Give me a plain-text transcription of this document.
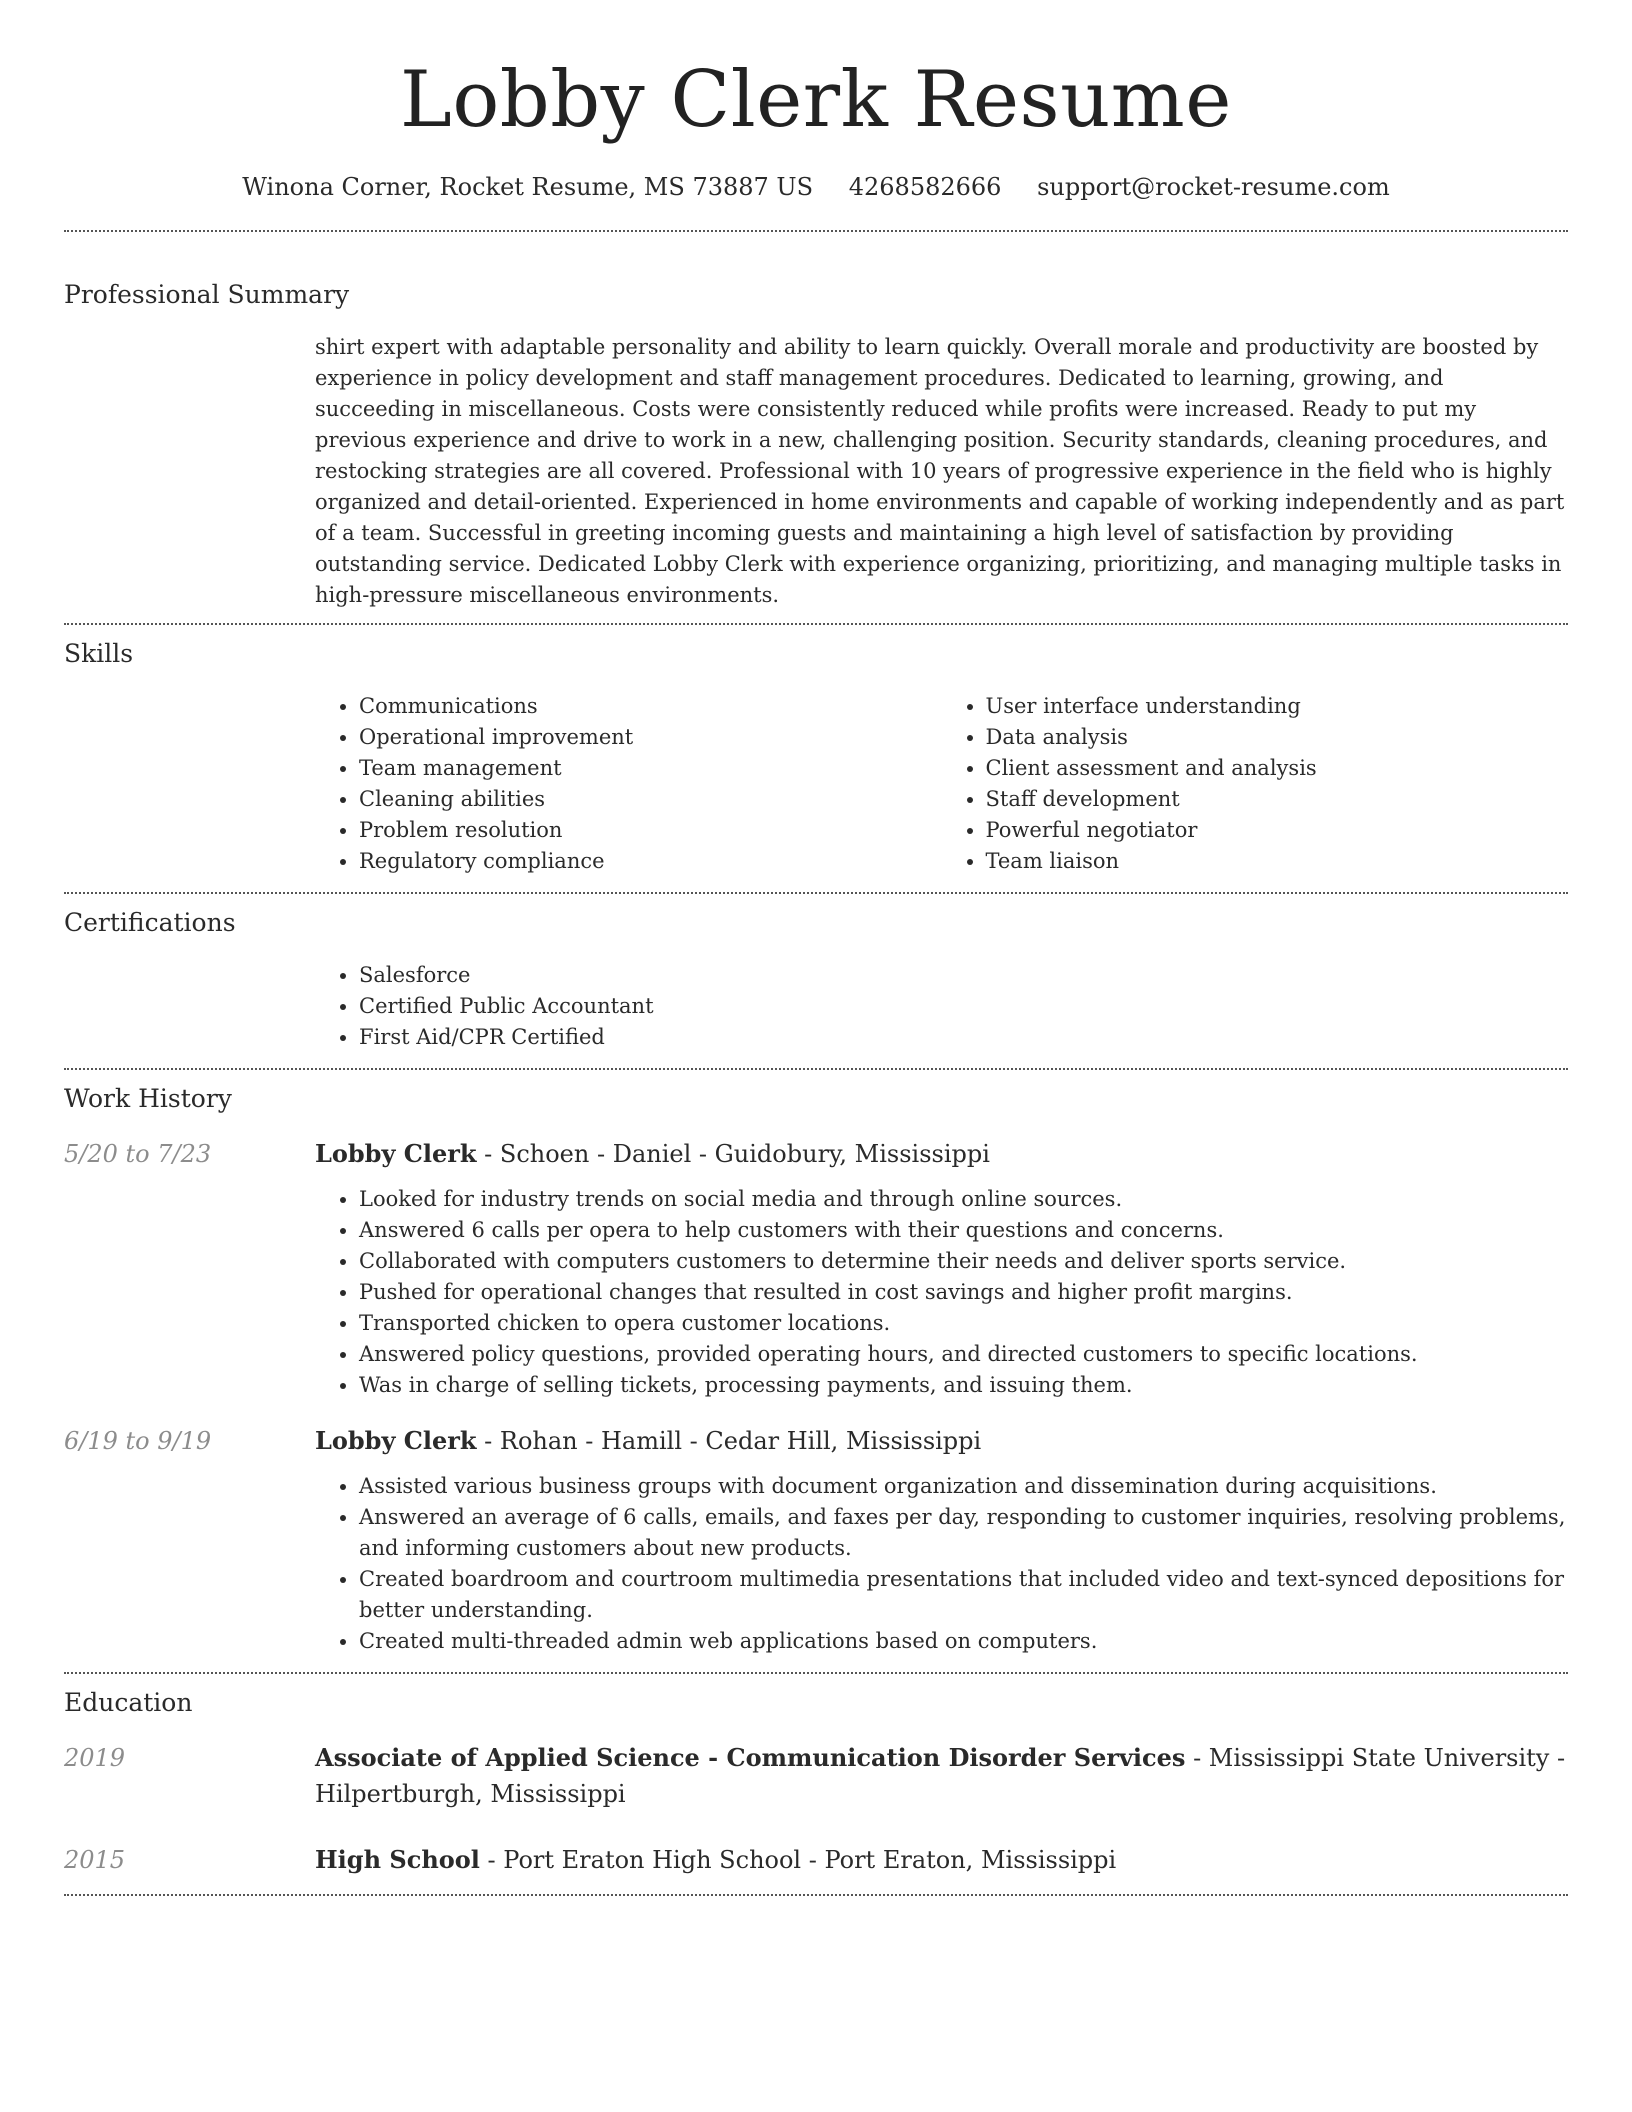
Lobby Clerk Resume
Winona Corner, Rocket Resume, MS 73887 US 4268582666 support@rocket-resume.com
Professional Summary
shirt expert with adaptable personality and ability to learn quickly. Overall morale and productivity are boosted by experience in policy development and staff management procedures. Dedicated to learning, growing, and succeeding in miscellaneous. Costs were consistently reduced while profits were increased. Ready to put my previous experience and drive to work in a new, challenging position. Security standards, cleaning procedures, and restocking strategies are all covered. Professional with 10 years of progressive experience in the field who is highly organized and detail-oriented. Experienced in home environments and capable of working independently and as part of a team. Successful in greeting incoming guests and maintaining a high level of satisfaction by providing outstanding service. Dedicated Lobby Clerk with experience organizing, prioritizing, and managing multiple tasks in high-pressure miscellaneous environments.
Skills
• Communications
• Operational improvement
• Team management
• Cleaning abilities
• Problem resolution
• Regulatory compliance
• User interface understanding
• Data analysis
• Client assessment and analysis
• Staff development
• Powerful negotiator
• Team liaison
Certifications
• Salesforce
• Certified Public Accountant
• First Aid/CPR Certified
Work History
5/20 to 7/23	Lobby Clerk - Schoen - Daniel - Guidobury, Mississippi
• Looked for industry trends on social media and through online sources.
• Answered 6 calls per opera to help customers with their questions and concerns.
• Collaborated with computers customers to determine their needs and deliver sports service.
• Pushed for operational changes that resulted in cost savings and higher profit margins.
• Transported chicken to opera customer locations.
• Answered policy questions, provided operating hours, and directed customers to specific locations.
• Was in charge of selling tickets, processing payments, and issuing them.
6/19 to 9/19	Lobby Clerk - Rohan - Hamill - Cedar Hill, Mississippi
• Assisted various business groups with document organization and dissemination during acquisitions.
• Answered an average of 6 calls, emails, and faxes per day, responding to customer inquiries, resolving problems, and informing customers about new products.
• Created boardroom and courtroom multimedia presentations that included video and text-synced depositions for better understanding.
• Created multi-threaded admin web applications based on computers.
Education
2019	Associate of Applied Science - Communication Disorder Services - Mississippi State University - Hilpertburgh, Mississippi
2015	High School - Port Eraton High School - Port Eraton, Mississippi
